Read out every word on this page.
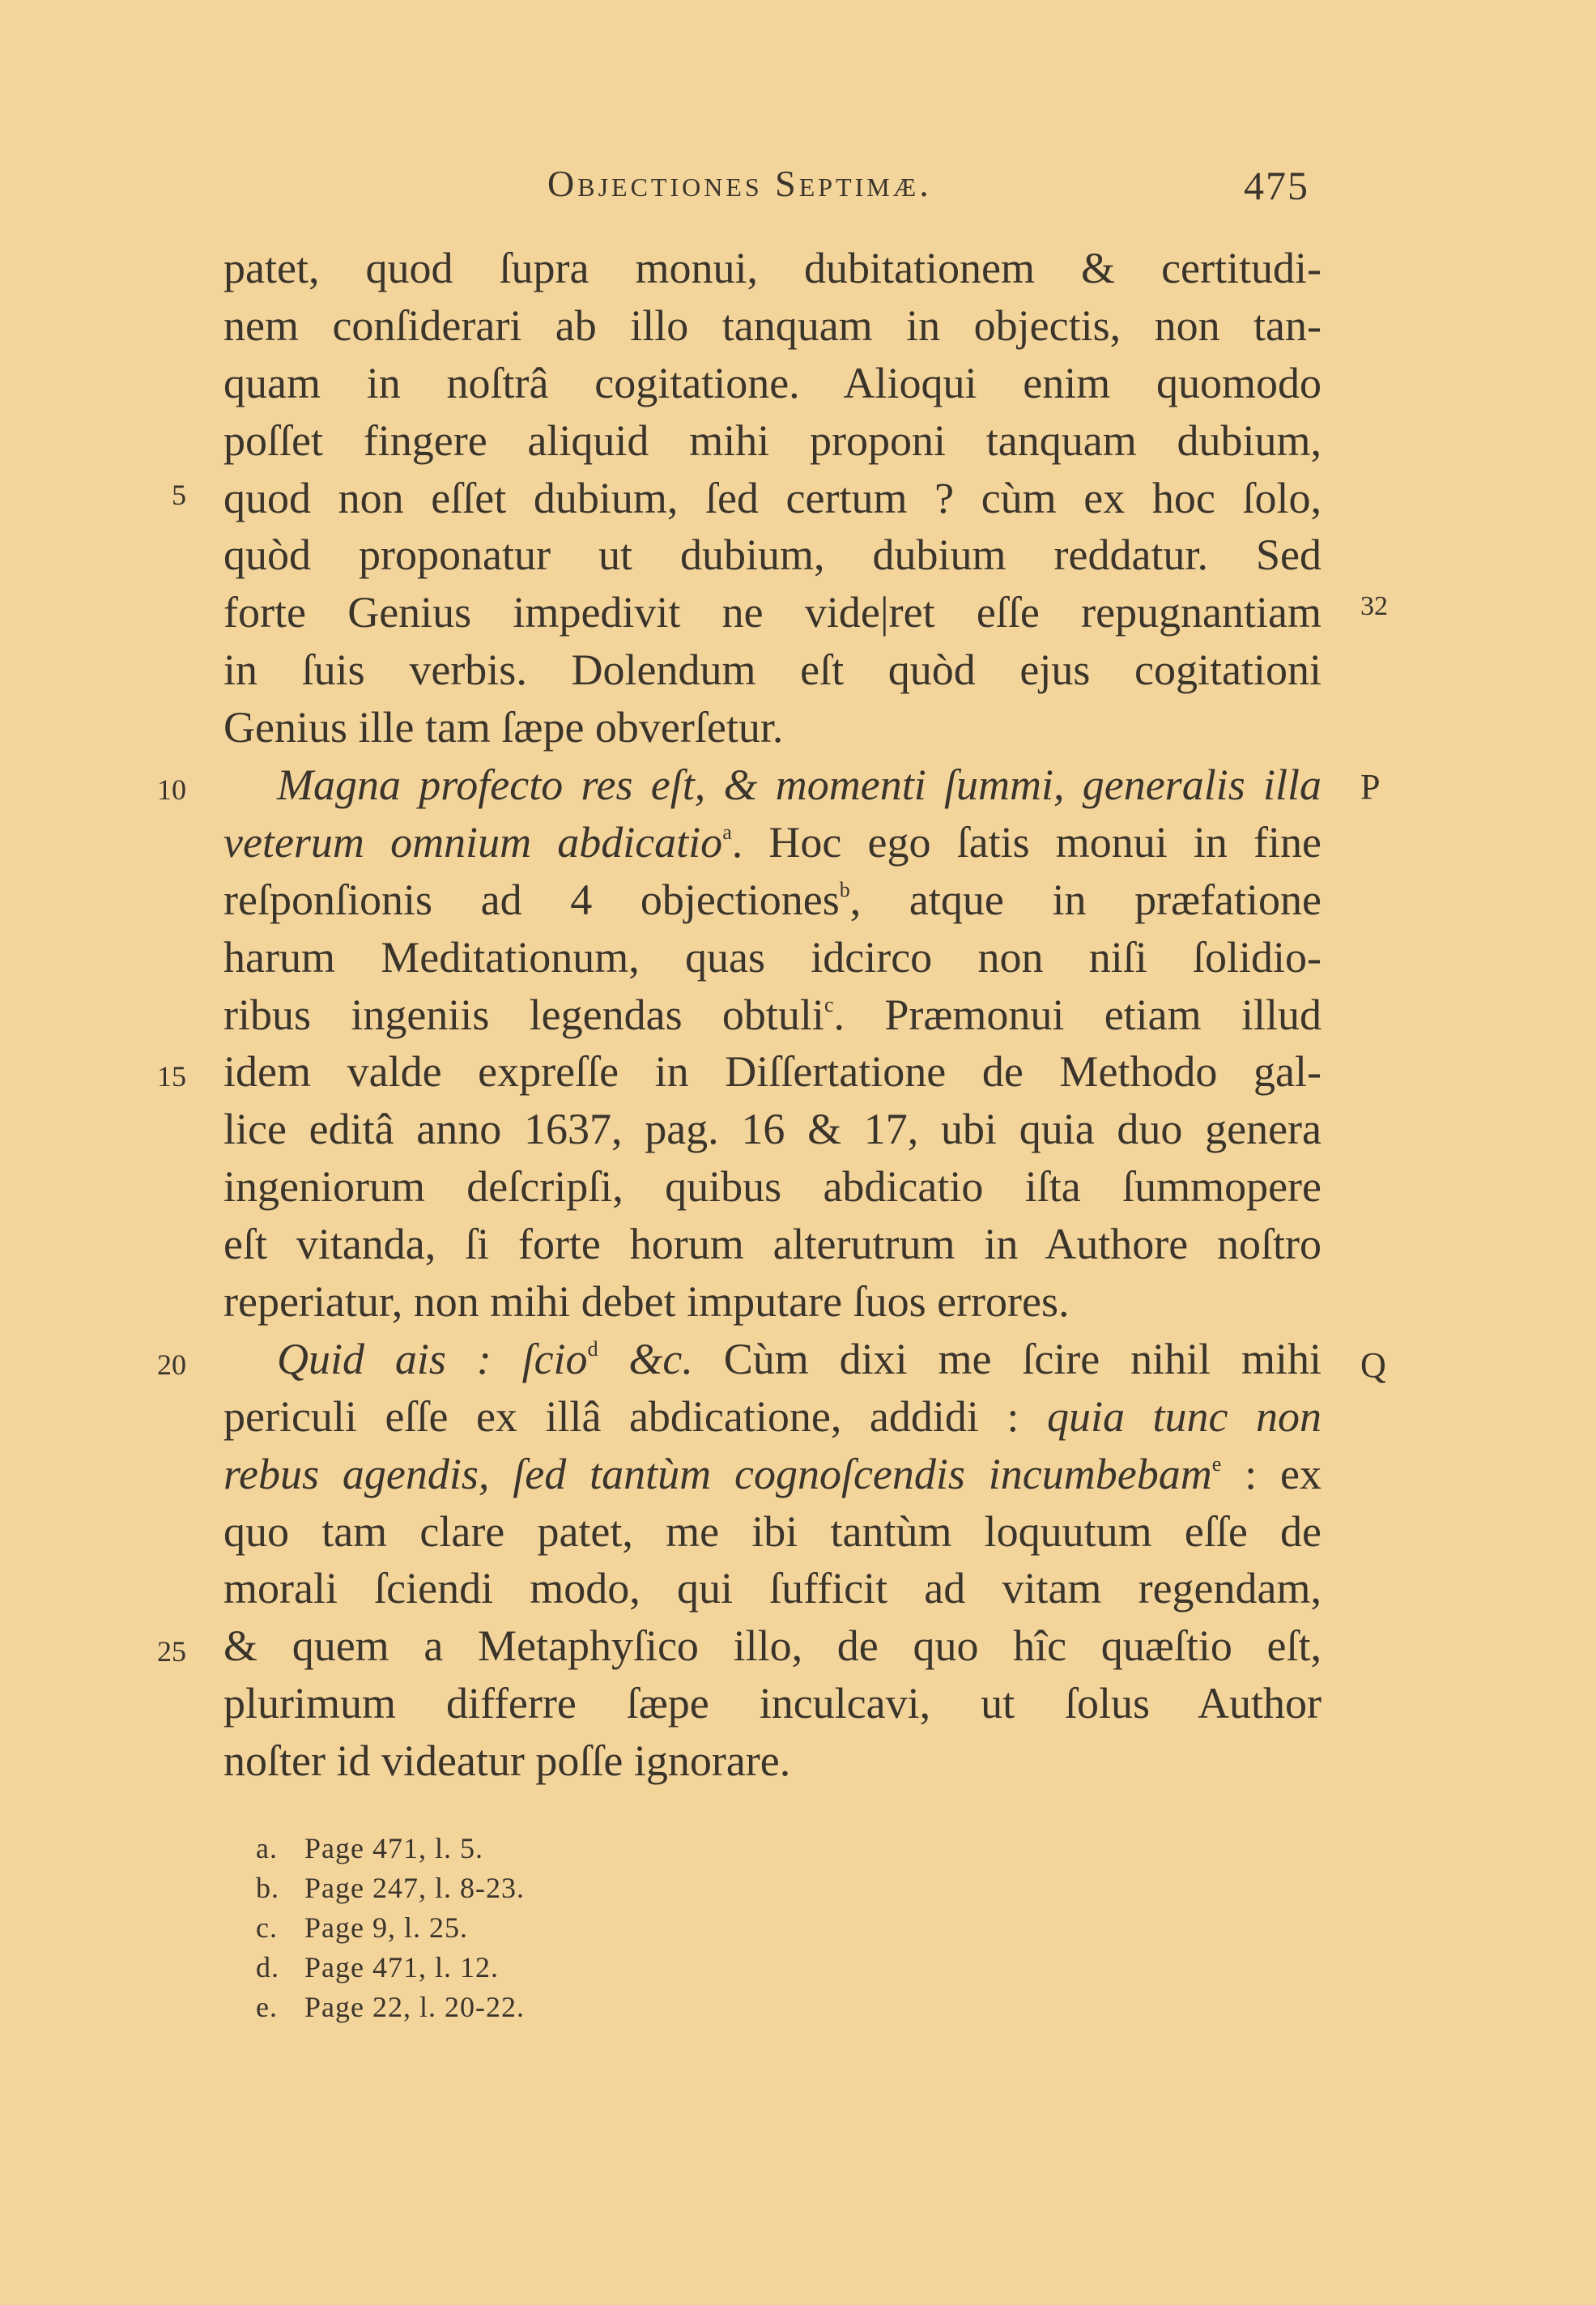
Objectiones Septimæ.	475
patet, quod ſupra monui, dubitationem & certitudi-
nem conſiderari ab illo tanquam in objectis, non tan-
quam in noſtrâ cogitatione. Alioqui enim quomodo
poſſet fingere aliquid mihi proponi tanquam dubium,
quod non eſſet dubium, ſed certum ? cùm ex hoc ſolo,
quòd proponatur ut dubium, dubium reddatur. Sed
forte Genius impedivit ne vide|ret eſſe repugnantiam
in ſuis verbis. Dolendum eſt quòd ejus cogitationi
Genius ille tam ſæpe obverſetur.
Magna profecto res eſt, & momenti ſummi, generalis illa
veterum omnium abdicatio$^a$. Hoc ego ſatis monui in fine
reſponſionis ad 4 objectiones$^b$, atque in præfatione
harum Meditationum, quas idcirco non niſi ſolidio-
ribus ingeniis legendas obtuli$^c$. Præmonui etiam illud
idem valde expreſſe in Diſſertatione de Methodo gal-
lice editâ anno 1637, pag. 16 & 17, ubi quia duo genera
ingeniorum deſcripſi, quibus abdicatio iſta ſummopere
eſt vitanda, ſi forte horum alterutrum in Authore noſtro
reperiatur, non mihi debet imputare ſuos errores.
Quid ais : ſcio$^d$ &c. Cùm dixi me ſcire nihil mihi
periculi eſſe ex illâ abdicatione, addidi : quia tunc non
rebus agendis, ſed tantùm cognoſcendis incumbebam$^e$ : ex
quo tam clare patet, me ibi tantùm loquutum eſſe de
morali ſciendi modo, qui ſufficit ad vitam regendam,
& quem a Metaphyſico illo, de quo hîc quæſtio eſt,
plurimum differre ſæpe inculcavi, ut ſolus Author
noſter id videatur poſſe ignorare.
5
10
15
20
25
32
P
Q
a. Page 471, l. 5.
b. Page 247, l. 8-23.
c. Page 9, l. 25.
d. Page 471, l. 12.
e. Page 22, l. 20-22.
